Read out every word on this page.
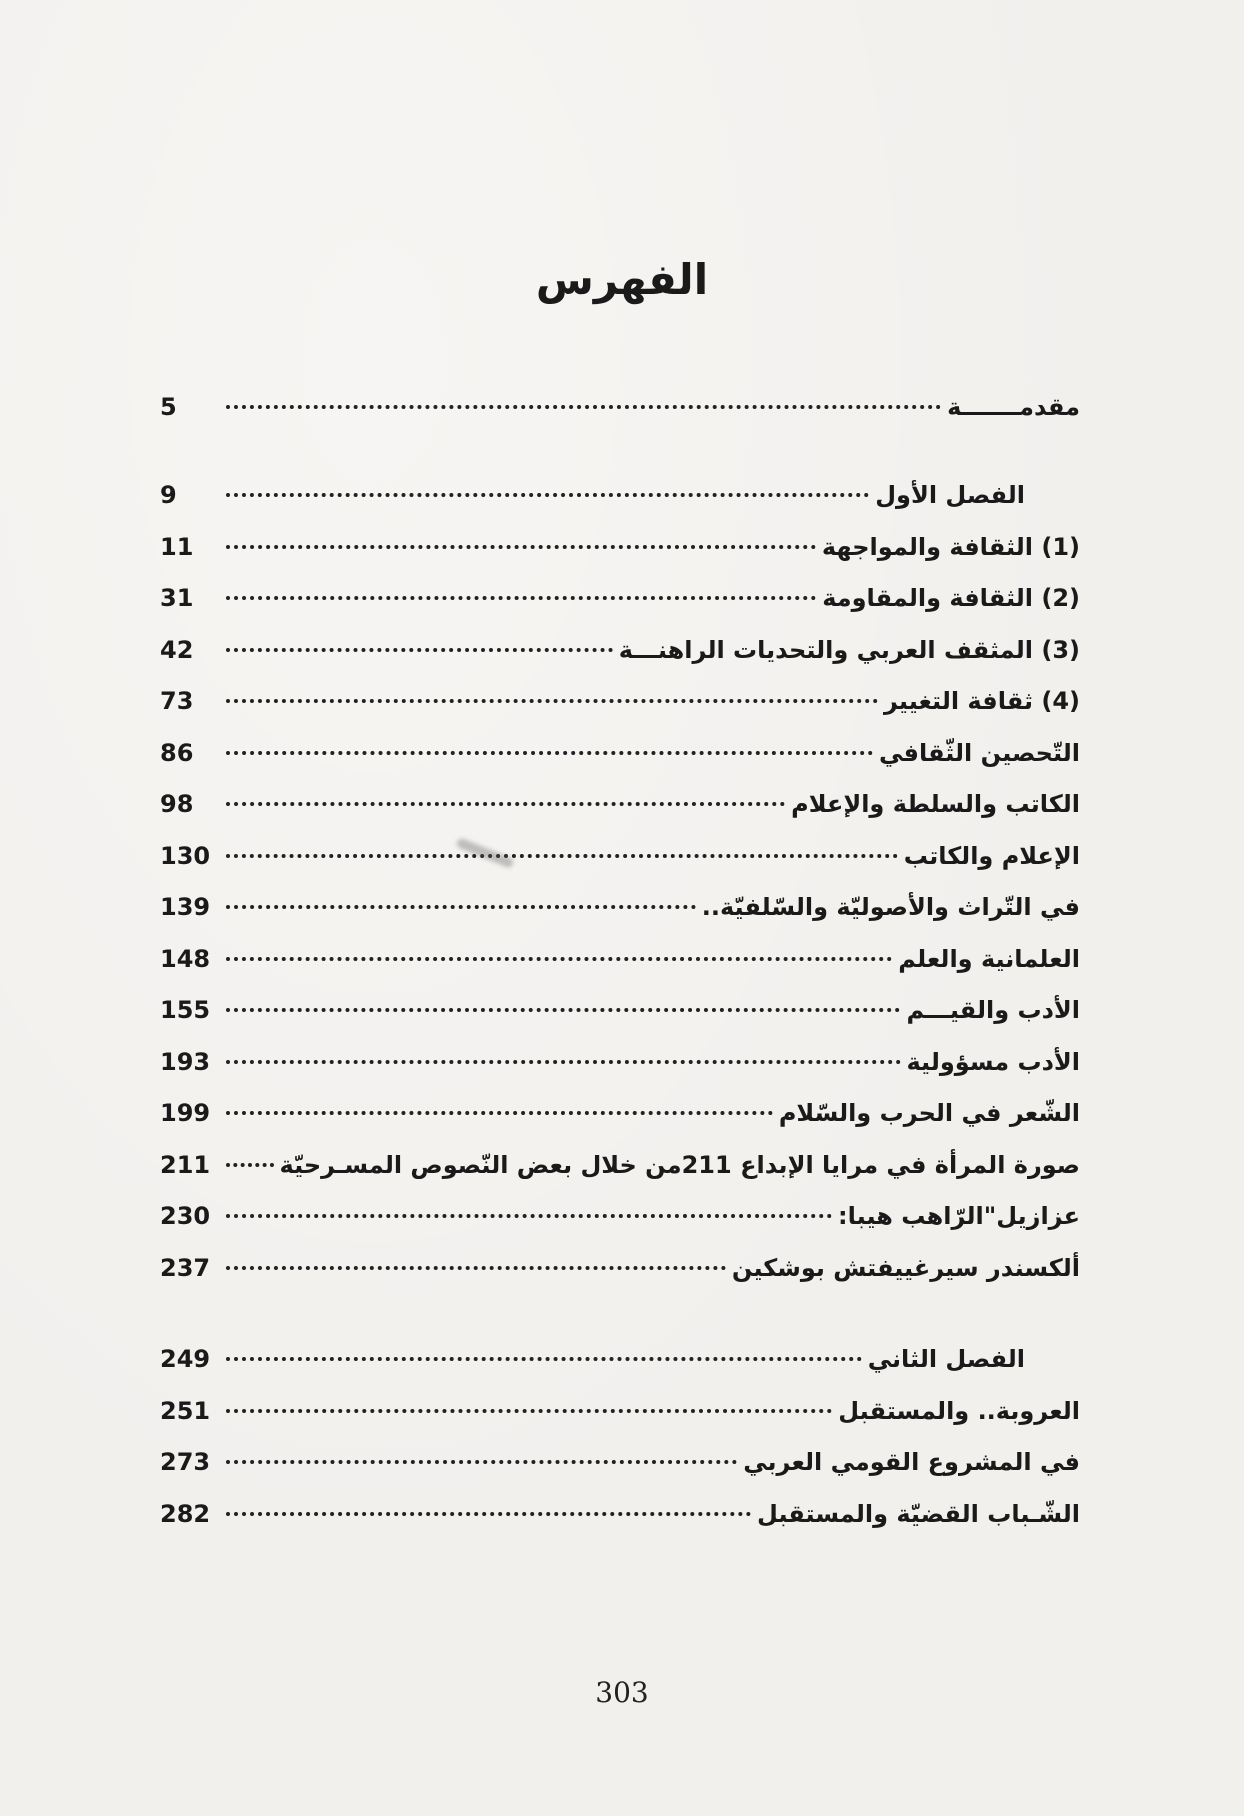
الفهرس
مقدمـــــــة
5
الفصل الأول
9
(1) الثقافة والمواجهة
11
(2) الثقافة والمقاومة
31
(3) المثقف العربي والتحديات الراهنـــة
42
(4) ثقافة التغيير
73
التّحصين الثّقافي
86
الكاتب والسلطة والإعلام
98
الإعلام والكاتب
130
في التّراث والأصوليّة والسّلفيّة..
139
العلمانية والعلم
148
الأدب والقيـــم
155
الأدب مسؤولية
193
الشّعر في الحرب والسّلام
199
صورة المرأة في مرايا الإبداع 211من خلال بعض النّصوص المسـرحيّة
211
عزازيل"الرّاهب هيبا:
230
ألكسندر سيرغييفتش بوشكين
237
الفصل الثاني
249
العروبة.. والمستقبل
251
في المشروع القومي العربي
273
الشّـباب القضيّة والمستقبل
282
303
